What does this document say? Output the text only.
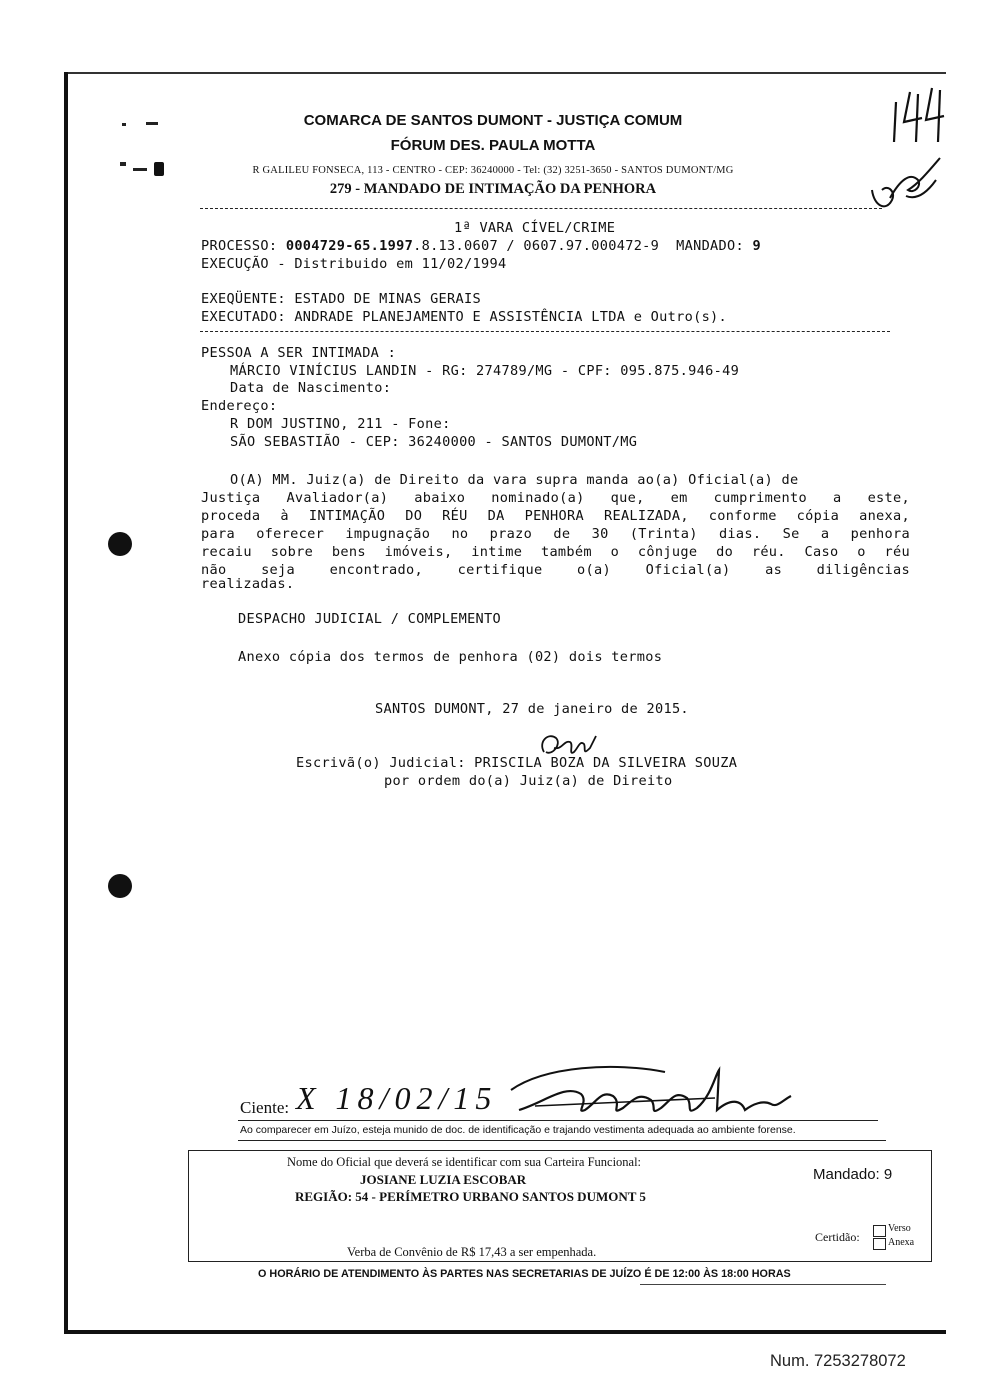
COMARCA DE SANTOS DUMONT - JUSTIÇA COMUM
FÓRUM DES. PAULA MOTTA
R GALILEU FONSECA, 113 - CENTRO - CEP: 36240000 - Tel: (32) 3251-3650 - SANTOS DUMONT/MG
279 - MANDADO DE INTIMAÇÃO DA PENHORA
1ª VARA CÍVEL/CRIME
PROCESSO: 0004729-65.1997.8.13.0607 / 0607.97.000472-9 MANDADO: 9
EXECUÇÃO - Distribuido em 11/02/1994
EXEQÜENTE: ESTADO DE MINAS GERAIS
EXECUTADO: ANDRADE PLANEJAMENTO E ASSISTÊNCIA LTDA e Outro(s).
PESSOA A SER INTIMADA :
MÁRCIO VINÍCIUS LANDIN - RG: 274789/MG - CPF: 095.875.946-49
Data de Nascimento:
Endereço:
R DOM JUSTINO, 211 - Fone:
SÃO SEBASTIÃO - CEP: 36240000 - SANTOS DUMONT/MG
O(A) MM. Juiz(a) de Direito da vara supra manda ao(a) Oficial(a) de
Justiça Avaliador(a) abaixo nominado(a) que, em cumprimento a este,
proceda à INTIMAÇÃO DO RÉU DA PENHORA REALIZADA, conforme cópia anexa,
para oferecer impugnação no prazo de 30 (Trinta) dias. Se a penhora
recaiu sobre bens imóveis, intime também o cônjuge do réu. Caso o réu
não seja encontrado, certifique o(a) Oficial(a) as diligências
realizadas.
DESPACHO JUDICIAL / COMPLEMENTO
Anexo cópia dos termos de penhora (02) dois termos
SANTOS DUMONT, 27 de janeiro de 2015.
Escrivã(o) Judicial: PRISCILA BOZA DA SILVEIRA SOUZA
por ordem do(a) Juiz(a) de Direito
Ciente: X 18/02/15
Ao comparecer em Juízo, esteja munido de doc. de identificação e trajando vestimenta adequada ao ambiente forense.
Nome do Oficial que deverá se identificar com sua Carteira Funcional:
JOSIANE LUZIA ESCOBAR
REGIÃO: 54 - PERÍMETRO URBANO SANTOS DUMONT 5
Mandado: 9
Certidão:
Verso
Anexa
Verba de Convênio de R$ 17,43 a ser empenhada.
O HORÁRIO DE ATENDIMENTO ÀS PARTES NAS SECRETARIAS DE JUÍZO É DE 12:00 ÀS 18:00 HORAS
Num. 7253278072
